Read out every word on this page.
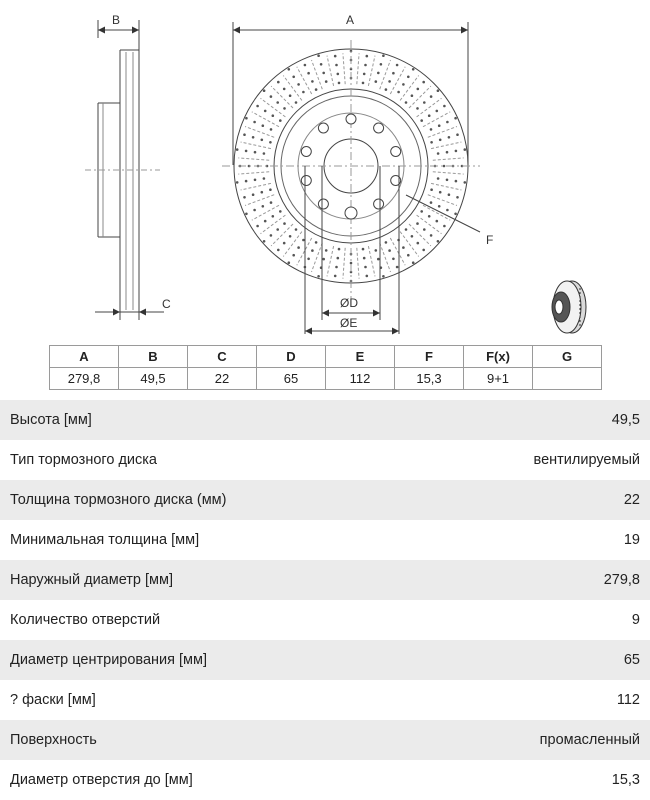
B
C
A
F
ØD
ØE
A	B	C	D	E	F	F(x)	G
279,8	49,5	22	65	112	15,3	9+1	
Высота [мм]	49,5
Тип тормозного диска	вентилируемый
Толщина тормозного диска (мм)	22
Минимальная толщина [мм]	19
Наружный диаметр [мм]	279,8
Количество отверстий	9
Диаметр центрирования [мм]	65
? фаски [мм]	112
Поверхность	промасленный
Диаметр отверстия до [мм]	15,3
